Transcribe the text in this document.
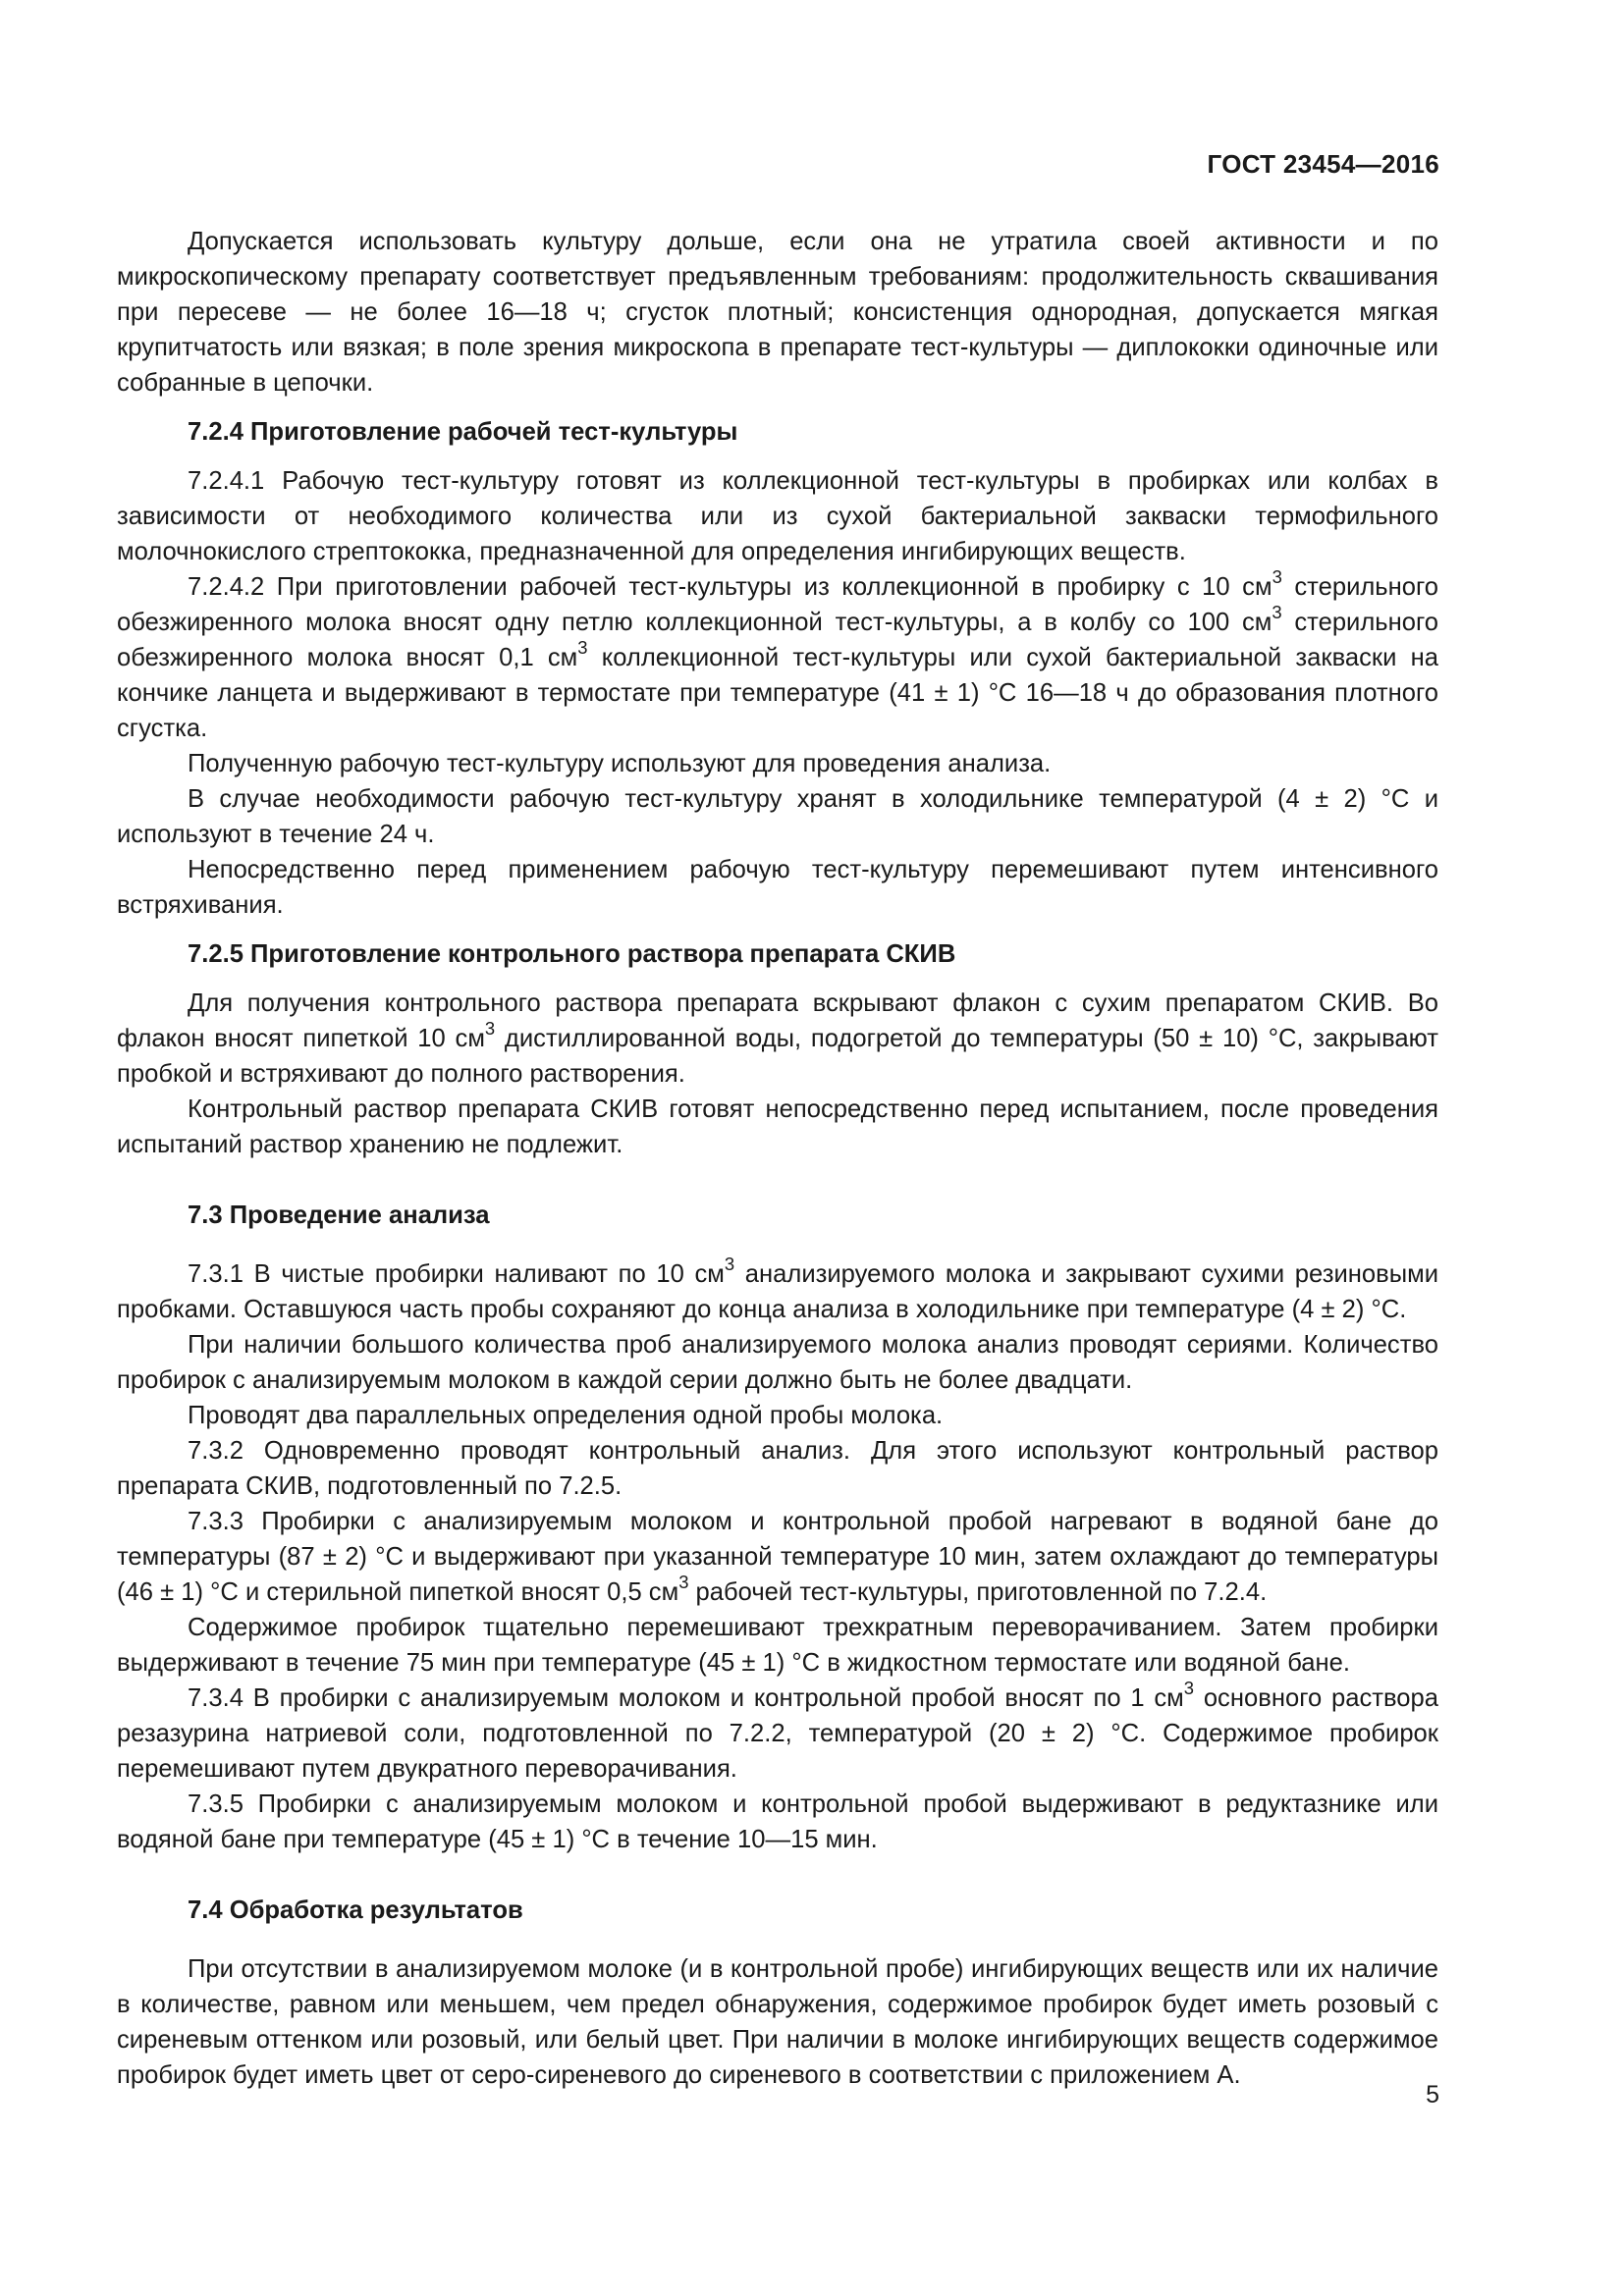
ГОСТ 23454—2016

Допускается использовать культуру дольше, если она не утратила своей активности и по микроскопическому препарату соответствует предъявленным требованиям: продолжительность сквашивания при пересеве — не более 16—18 ч; сгусток плотный; консистенция однородная, допускается мягкая крупитчатость или вязкая; в поле зрения микроскопа в препарате тест-культуры — диплококки одиночные или собранные в цепочки.

7.2.4 Приготовление рабочей тест-культуры

7.2.4.1 Рабочую тест-культуру готовят из коллекционной тест-культуры в пробирках или колбах в зависимости от необходимого количества или из сухой бактериальной закваски термофильного молочнокислого стрептококка, предназначенной для определения ингибирующих веществ.

7.2.4.2 При приготовлении рабочей тест-культуры из коллекционной в пробирку с 10 $см^3$ стерильного обезжиренного молока вносят одну петлю коллекционной тест-культуры, а в колбу со 100 $см^3$ стерильного обезжиренного молока вносят 0,1 $см^3$ коллекционной тест-культуры или сухой бактериальной закваски на кончике ланцета и выдерживают в термостате при температуре (41 ± 1) °С 16—18 ч до образования плотного сгустка.

Полученную рабочую тест-культуру используют для проведения анализа.

В случае необходимости рабочую тест-культуру хранят в холодильнике температурой (4 ± 2) °С и используют в течение 24 ч.

Непосредственно перед применением рабочую тест-культуру перемешивают путем интенсивного встряхивания.

7.2.5 Приготовление контрольного раствора препарата СКИВ

Для получения контрольного раствора препарата вскрывают флакон с сухим препаратом СКИВ. Во флакон вносят пипеткой 10 $см^3$ дистиллированной воды, подогретой до температуры (50 ± 10) °С, закрывают пробкой и встряхивают до полного растворения.

Контрольный раствор препарата СКИВ готовят непосредственно перед испытанием, после проведения испытаний раствор хранению не подлежит.

7.3 Проведение анализа

7.3.1 В чистые пробирки наливают по 10 $см^3$ анализируемого молока и закрывают сухими резиновыми пробками. Оставшуюся часть пробы сохраняют до конца анализа в холодильнике при температуре (4 ± 2) °С.

При наличии большого количества проб анализируемого молока анализ проводят сериями. Количество пробирок с анализируемым молоком в каждой серии должно быть не более двадцати.

Проводят два параллельных определения одной пробы молока.

7.3.2 Одновременно проводят контрольный анализ. Для этого используют контрольный раствор препарата СКИВ, подготовленный по 7.2.5.

7.3.3 Пробирки с анализируемым молоком и контрольной пробой нагревают в водяной бане до температуры (87 ± 2) °С и выдерживают при указанной температуре 10 мин, затем охлаждают до температуры (46 ± 1) °С и стерильной пипеткой вносят 0,5 $см^3$ рабочей тест-культуры, приготовленной по 7.2.4.

Содержимое пробирок тщательно перемешивают трехкратным переворачиванием. Затем пробирки выдерживают в течение 75 мин при температуре (45 ± 1) °С в жидкостном термостате или водяной бане.

7.3.4 В пробирки с анализируемым молоком и контрольной пробой вносят по 1 $см^3$ основного раствора резазурина натриевой соли, подготовленной по 7.2.2, температурой (20 ± 2) °С. Содержимое пробирок перемешивают путем двукратного переворачивания.

7.3.5 Пробирки с анализируемым молоком и контрольной пробой выдерживают в редуктазнике или водяной бане при температуре (45 ± 1) °С в течение 10—15 мин.

7.4 Обработка результатов

При отсутствии в анализируемом молоке (и в контрольной пробе) ингибирующих веществ или их наличие в количестве, равном или меньшем, чем предел обнаружения, содержимое пробирок будет иметь розовый с сиреневым оттенком или розовый, или белый цвет. При наличии в молоке ингибирующих веществ содержимое пробирок будет иметь цвет от серо-сиреневого до сиреневого в соответствии с приложением А.

5
